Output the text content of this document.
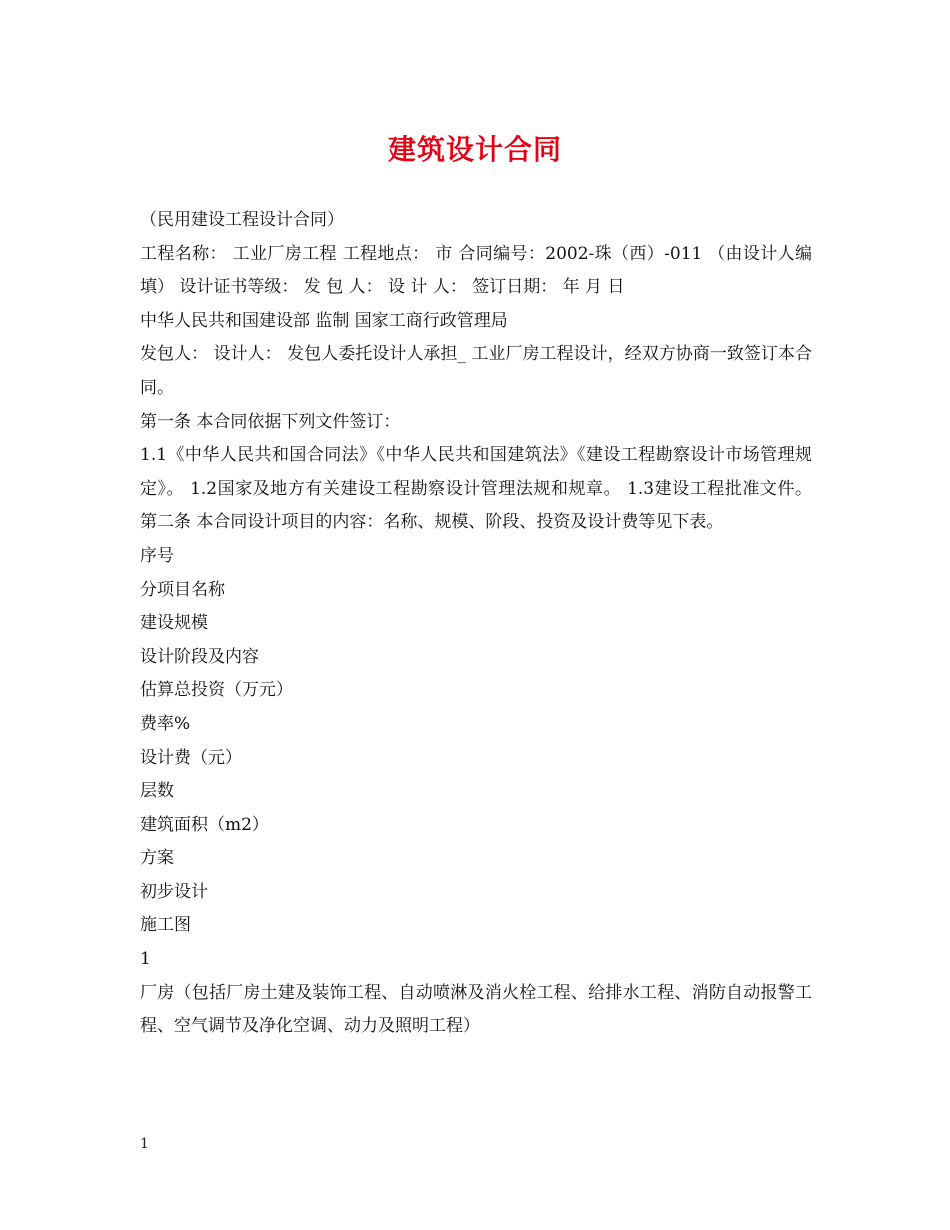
建筑设计合同

（民用建设工程设计合同）

工程名称： 工业厂房工程 工程地点： 市 合同编号：2002-珠（西）-011 （由设计人编填） 设计证书等级： 发 包 人： 设 计 人： 签订日期： 年 月 日

中华人民共和国建设部 监制 国家工商行政管理局

发包人： 设计人： 发包人委托设计人承担_ 工业厂房工程设计，经双方协商一致签订本合同。

第一条 本合同依据下列文件签订：

1.1《中华人民共和国合同法》《中华人民共和国建筑法》《建设工程勘察设计市场管理规定》。 1.2国家及地方有关建设工程勘察设计管理法规和规章。 1.3建设工程批准文件。 第二条 本合同设计项目的内容：名称、规模、阶段、投资及设计费等见下表。

序号

分项目名称

建设规模

设计阶段及内容

估算总投资（万元）

费率%

设计费（元）

层数

建筑面积（m2）

方案

初步设计

施工图

1

厂房（包括厂房土建及装饰工程、自动喷淋及消火栓工程、给排水工程、消防自动报警工程、空气调节及净化空调、动力及照明工程）

1
